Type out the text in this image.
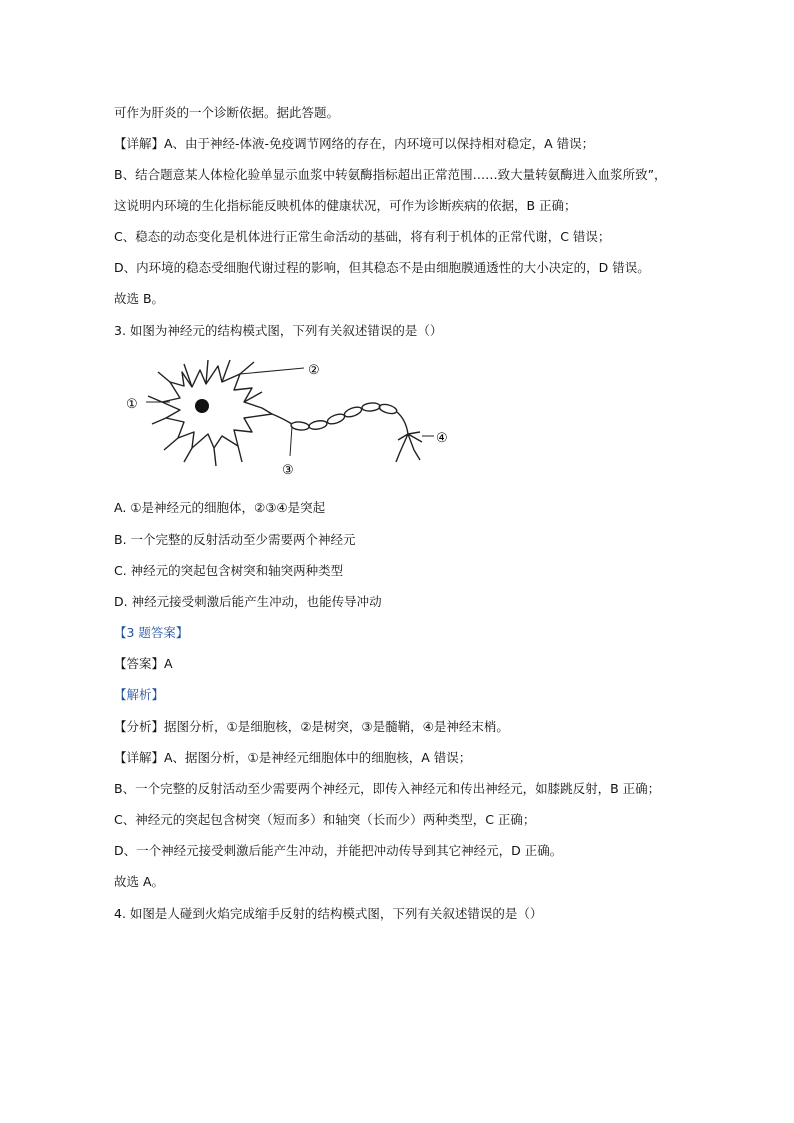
可作为肝炎的一个诊断依据。据此答题。
【详解】A、由于神经-体液-免疫调节网络的存在，内环境可以保持相对稳定，A 错误；
B、结合题意某人体检化验单显示血浆中转氨酶指标超出正常范围……致大量转氨酶进入血浆所致”，
这说明内环境的生化指标能反映机体的健康状况，可作为诊断疾病的依据，B 正确；
C、稳态的动态变化是机体进行正常生命活动的基础，将有利于机体的正常代谢，C 错误；
D、内环境的稳态受细胞代谢过程的影响，但其稳态不是由细胞膜通透性的大小决定的，D 错误。
故选 B。
3. 如图为神经元的结构模式图，下列有关叙述错误的是（）
①
②
③
④
A. ①是神经元的细胞体，②③④是突起
B. 一个完整的反射活动至少需要两个神经元
C. 神经元的突起包含树突和轴突两种类型
D. 神经元接受刺激后能产生冲动，也能传导冲动
【3 题答案】
【答案】A
【解析】
【分析】据图分析，①是细胞核，②是树突，③是髓鞘，④是神经末梢。
【详解】A、据图分析，①是神经元细胞体中的细胞核，A 错误；
B、一个完整的反射活动至少需要两个神经元，即传入神经元和传出神经元，如膝跳反射，B 正确；
C、神经元的突起包含树突（短而多）和轴突（长而少）两种类型，C 正确；
D、一个神经元接受刺激后能产生冲动，并能把冲动传导到其它神经元，D 正确。
故选 A。
4. 如图是人碰到火焰完成缩手反射的结构模式图，下列有关叙述错误的是（）
